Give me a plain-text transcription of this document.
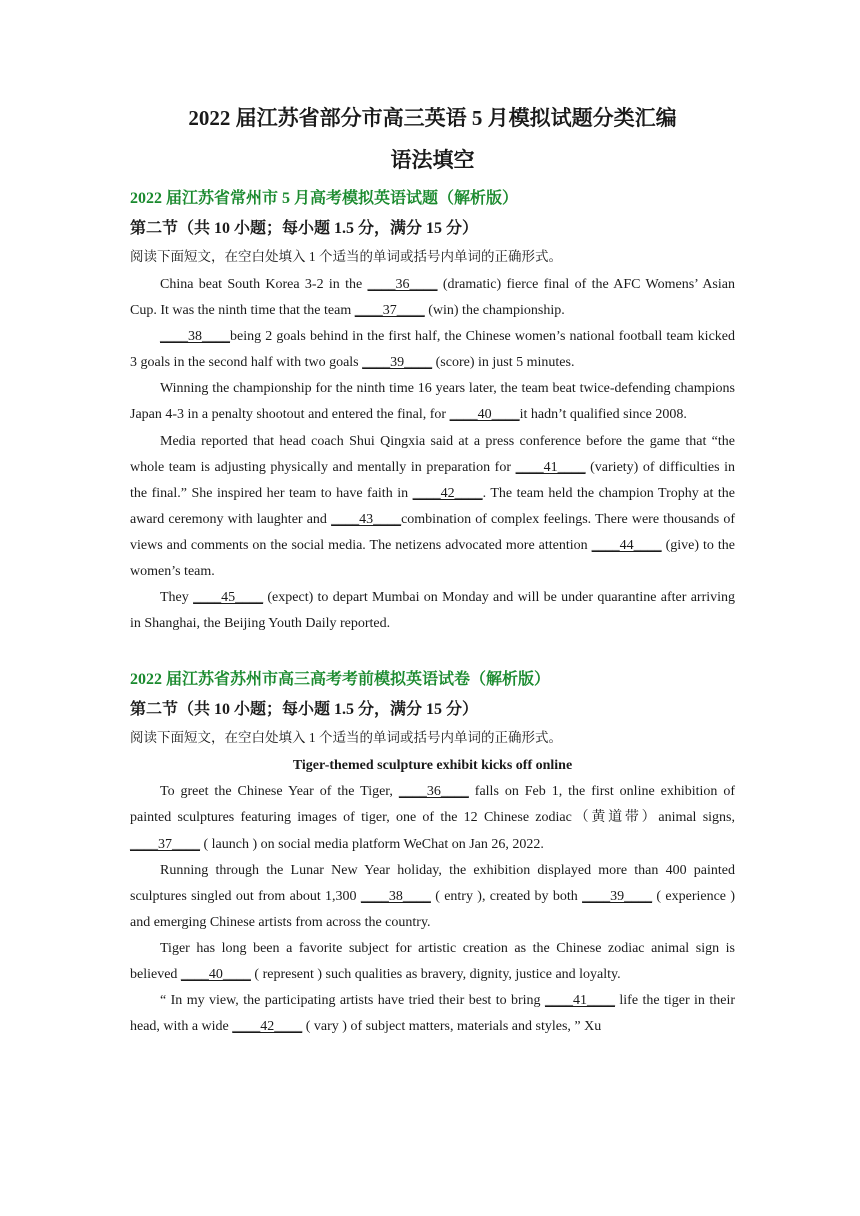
2022 届江苏省部分市高三英语 5 月模拟试题分类汇编
语法填空
2022 届江苏省常州市 5 月高考模拟英语试题（解析版）
第二节（共 10 小题；每小题 1.5 分，满分 15 分）
阅读下面短文，在空白处填入 1 个适当的单词或括号内单词的正确形式。

China beat South Korea 3-2 in the ____36____ (dramatic) fierce final of the AFC Womens’ Asian Cup. It was the ninth time that the team ____37____ (win) the championship.

____38____being 2 goals behind in the first half, the Chinese women’s national football team kicked 3 goals in the second half with two goals ____39____ (score) in just 5 minutes.

Winning the championship for the ninth time 16 years later, the team beat twice-defending champions Japan 4-3 in a penalty shootout and entered the final, for ____40____it hadn’t qualified since 2008.

Media reported that head coach Shui Qingxia said at a press conference before the game that “the whole team is adjusting physically and mentally in preparation for ____41____ (variety) of difficulties in the final.” She inspired her team to have faith in ____42____. The team held the champion Trophy at the award ceremony with laughter and ____43____combination of complex feelings. There were thousands of views and comments on the social media. The netizens advocated more attention ____44____ (give) to the women’s team.

They ____45____ (expect) to depart Mumbai on Monday and will be under quarantine after arriving in Shanghai, the Beijing Youth Daily reported.

2022 届江苏省苏州市高三高考考前模拟英语试卷（解析版）
第二节（共 10 小题；每小题 1.5 分，满分 15 分）
阅读下面短文，在空白处填入 1 个适当的单词或括号内单词的正确形式。
Tiger-themed sculpture exhibit kicks off online

To greet the Chinese Year of the Tiger, ____36____ falls on Feb 1, the first online exhibition of painted sculptures featuring images of tiger, one of the 12 Chinese zodiac（黄道带）animal signs, ____37____ ( launch ) on social media platform WeChat on Jan 26, 2022.

Running through the Lunar New Year holiday, the exhibition displayed more than 400 painted sculptures singled out from about 1,300 ____38____ ( entry ), created by both ____39____ ( experience ) and emerging Chinese artists from across the country.

Tiger has long been a favorite subject for artistic creation as the Chinese zodiac animal sign is believed ____40____ ( represent ) such qualities as bravery, dignity, justice and loyalty.

“ In my view, the participating artists have tried their best to bring ____41____ life the tiger in their head, with a wide ____42____ ( vary ) of subject matters, materials and styles, ” Xu
